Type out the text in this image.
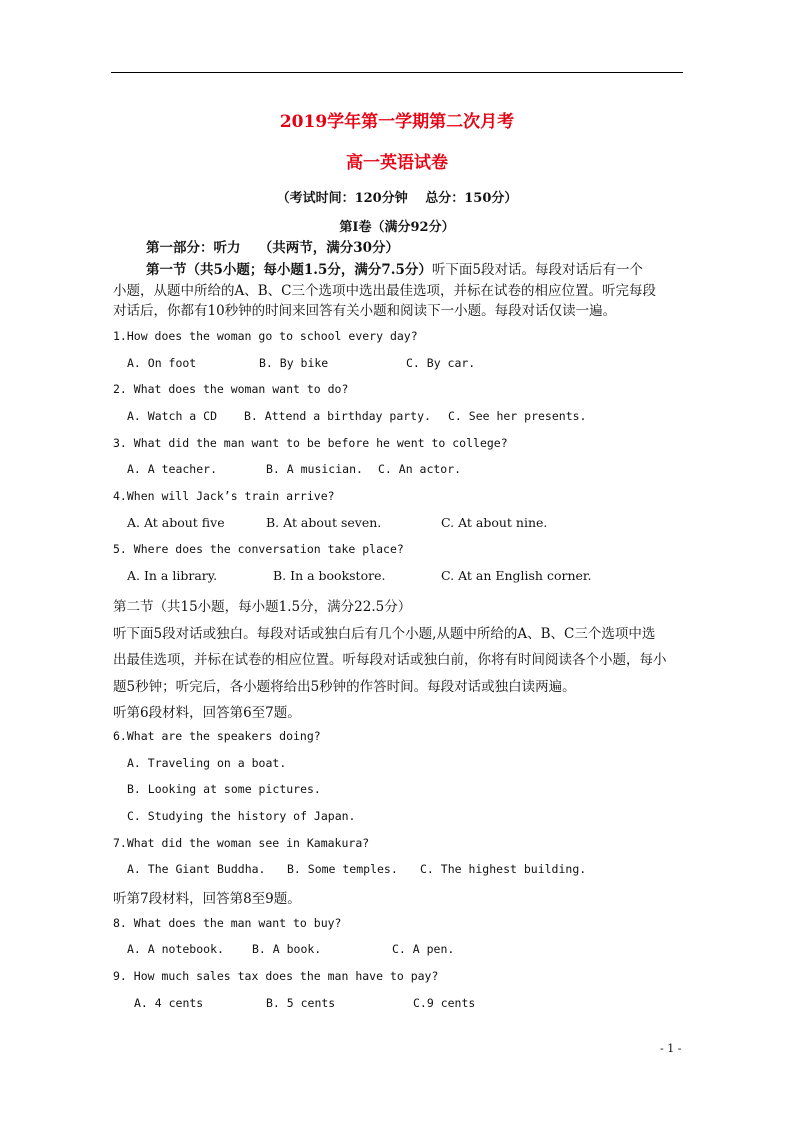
2019学年第一学期第二次月考
高一英语试卷
（考试时间：120分钟　 总分：150分）
第Ⅰ卷（满分92分）
第一部分：听力　 （共两节，满分30分）
第一节（共5小题；每小题1.5分，满分7.5分）听下面5段对话。每段对话后有一个
小题，从题中所给的A、B、C三个选项中选出最佳选项，并标在试卷的相应位置。听完每段
对话后，你都有10秒钟的时间来回答有关小题和阅读下一小题。每段对话仅读一遍。
1.How does the woman go to school every day?
A. On foot	B. By bike	C. By car.
2. What does the woman want to do?
A. Watch a CD B. Attend a birthday party. C. See her presents.
3. What did the man want to be before he went to college?
A. A teacher.	B. A musician. C. An actor.
4.When will Jack’s train arrive?
A. At about five	B. At about seven.	C. At about nine.
5. Where does the conversation take place?
A. In a library.	B. In a bookstore.	C. At an English corner.
第二节（共15小题，每小题1.5分，满分22.5分）
听下面5段对话或独白。每段对话或独白后有几个小题,从题中所给的A、B、C三个选项中选
出最佳选项，并标在试卷的相应位置。听每段对话或独白前，你将有时间阅读各个小题，每小
题5秒钟；听完后，各小题将给出5秒钟的作答时间。每段对话或独白读两遍。
听第6段材料，回答第6至7题。
6.What are the speakers doing?
A. Traveling on a boat.
B. Looking at some pictures.
C. Studying the history of Japan.
7.What did the woman see in Kamakura?
A. The Giant Buddha. B. Some temples. C. The highest building.
听第7段材料，回答第8至9题。
8. What does the man want to buy?
A. A notebook. B. A book.	C. A pen.
9. How much sales tax does the man have to pay?
A. 4 cents	B. 5 cents	C.9 cents
- 1 -
